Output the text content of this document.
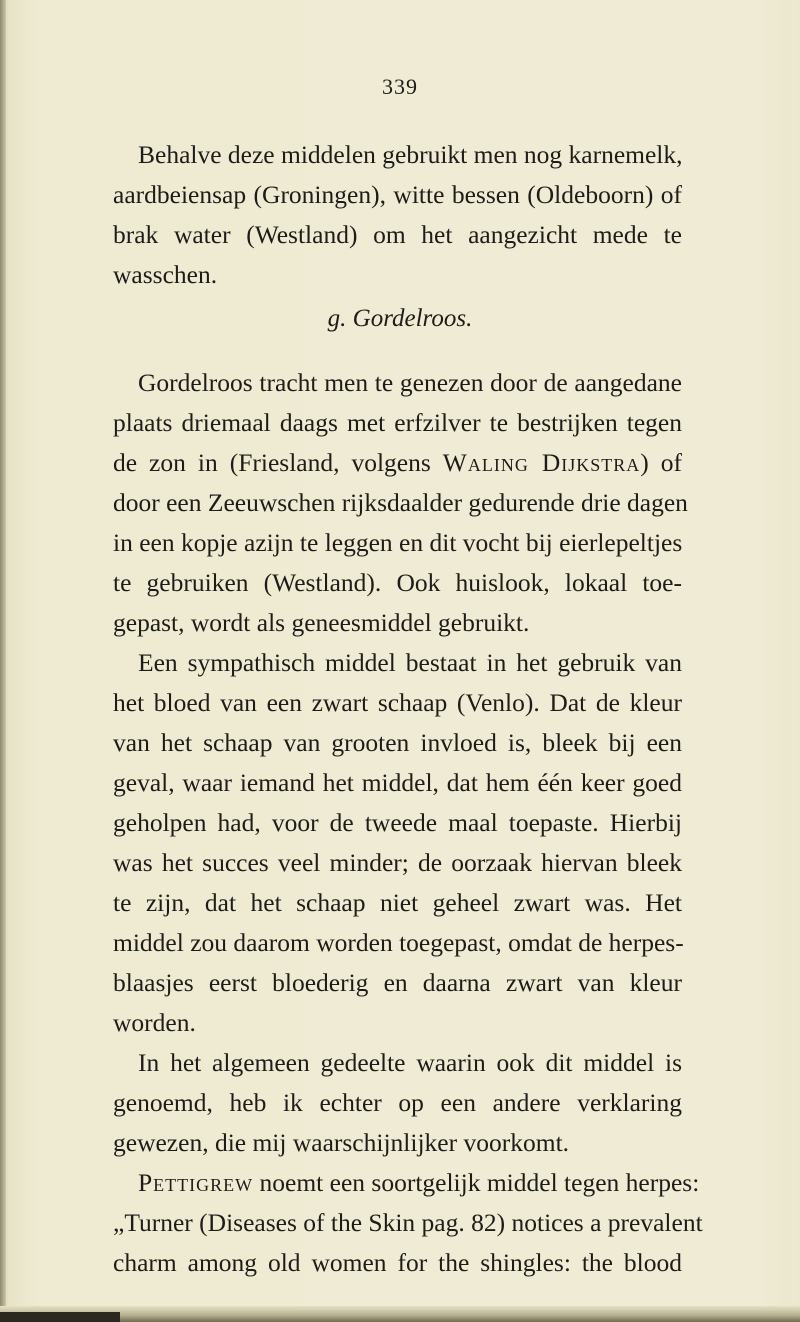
339
Behalve deze middelen gebruikt men nog karnemelk,
aardbeiensap (Groningen), witte bessen (Oldeboorn) of
brak water (Westland) om het aangezicht mede te
wasschen.
g. Gordelroos.
Gordelroos tracht men te genezen door de aangedane
plaats driemaal daags met erfzilver te bestrijken tegen
de zon in (Friesland, volgens Waling Dijkstra) of
door een Zeeuwschen rijksdaalder gedurende drie dagen
in een kopje azijn te leggen en dit vocht bij eierlepeltjes
te gebruiken (Westland). Ook huislook, lokaal toe-
gepast, wordt als geneesmiddel gebruikt.
Een sympathisch middel bestaat in het gebruik van
het bloed van een zwart schaap (Venlo). Dat de kleur
van het schaap van grooten invloed is, bleek bij een
geval, waar iemand het middel, dat hem één keer goed
geholpen had, voor de tweede maal toepaste. Hierbij
was het succes veel minder; de oorzaak hiervan bleek
te zijn, dat het schaap niet geheel zwart was. Het
middel zou daarom worden toegepast, omdat de herpes-
blaasjes eerst bloederig en daarna zwart van kleur
worden.
In het algemeen gedeelte waarin ook dit middel is
genoemd, heb ik echter op een andere verklaring
gewezen, die mij waarschijnlijker voorkomt.
Pettigrew noemt een soortgelijk middel tegen herpes:
„Turner (Diseases of the Skin pag. 82) notices a prevalent
charm among old women for the shingles: the blood
